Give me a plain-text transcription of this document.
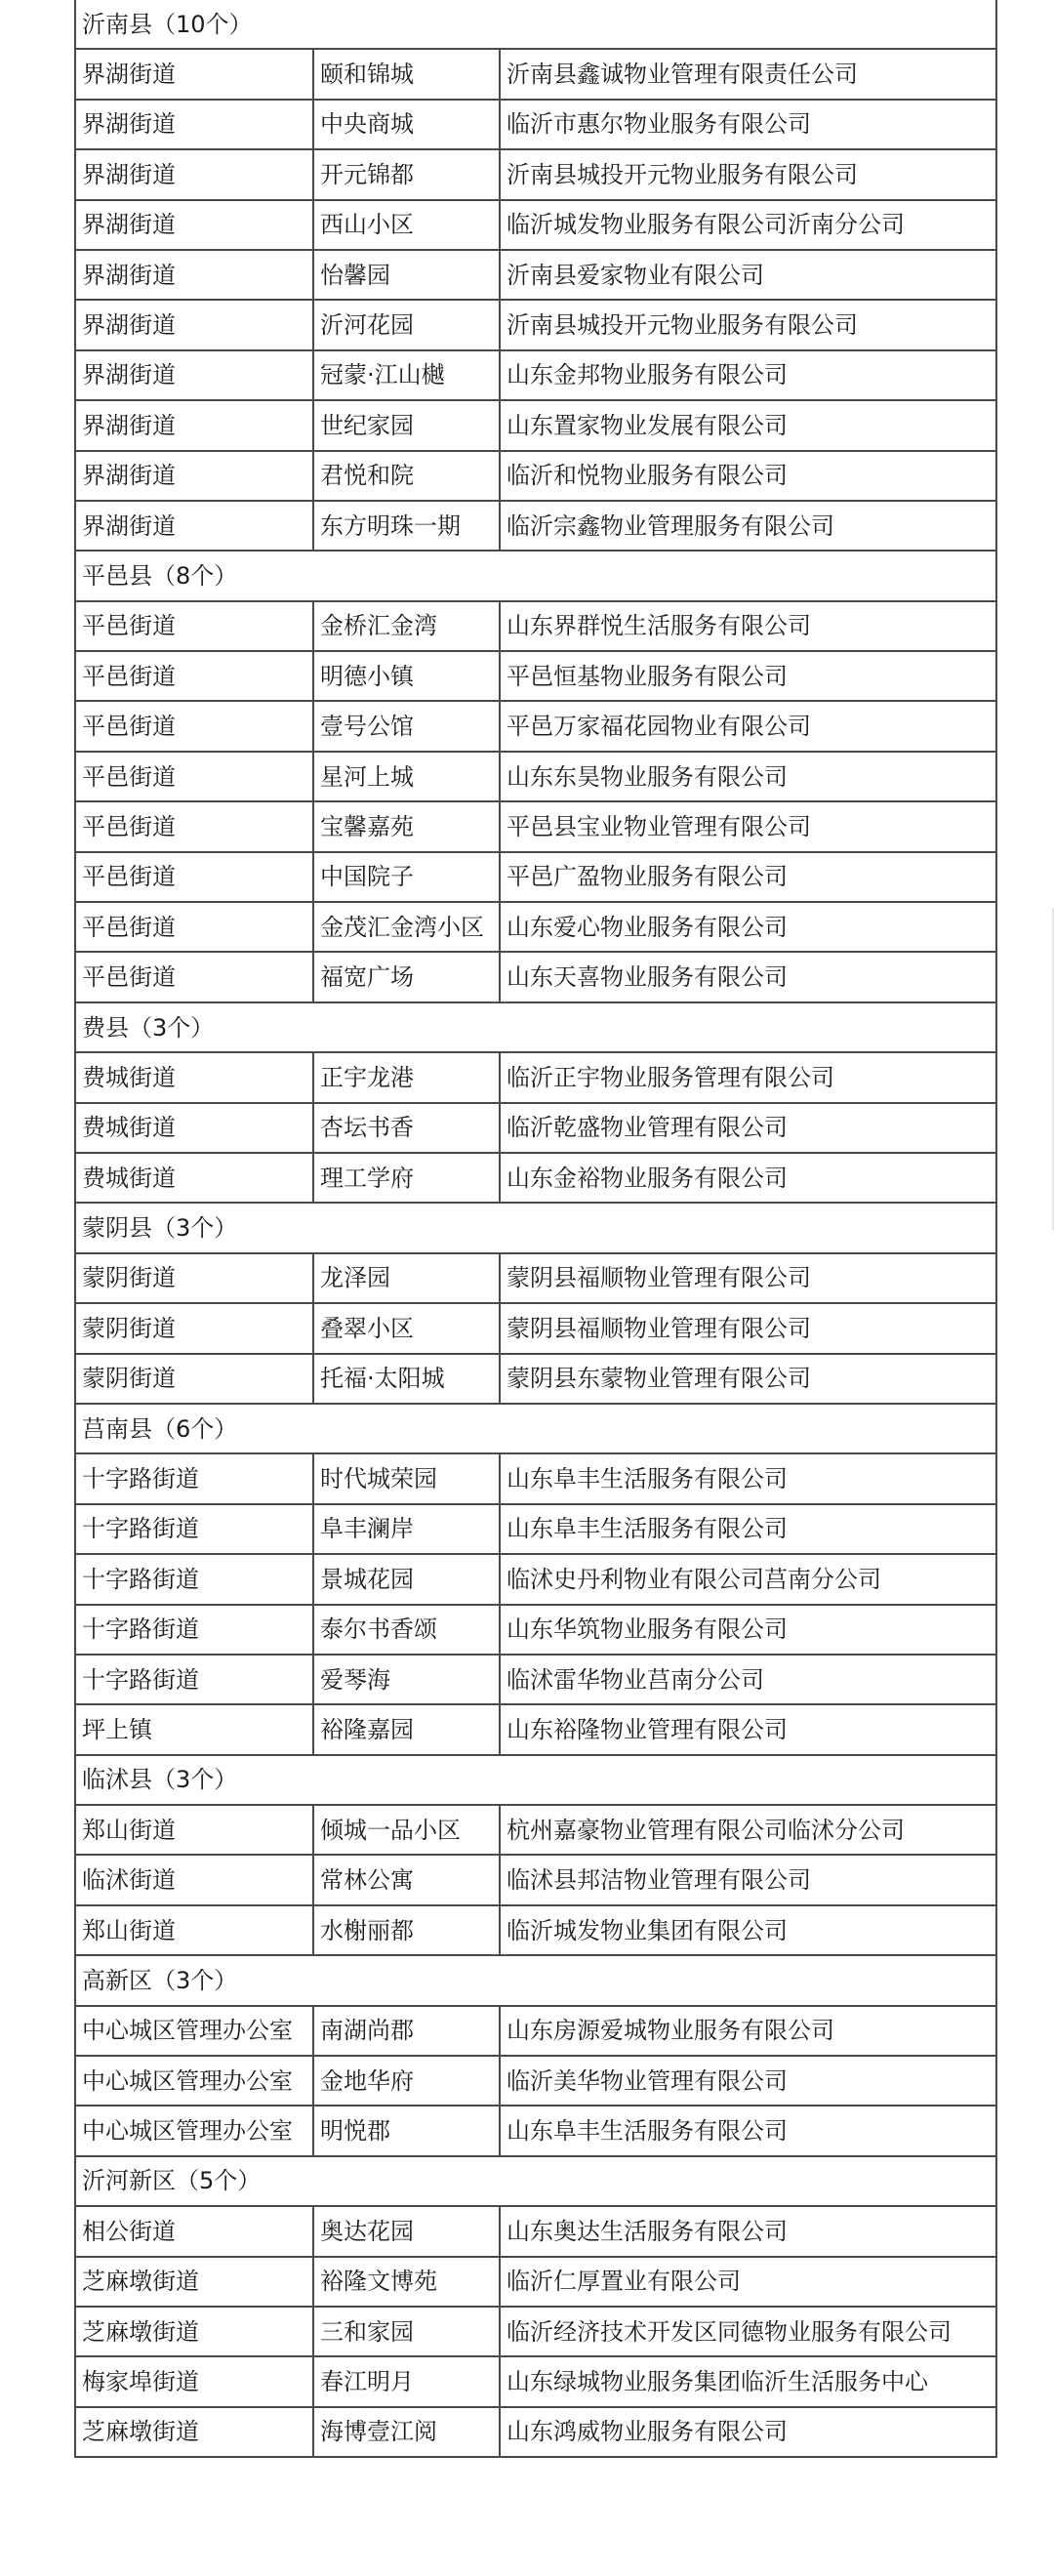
沂南县（10个）		
界湖街道	颐和锦城	沂南县鑫诚物业管理有限责任公司
界湖街道	中央商城	临沂市惠尔物业服务有限公司
界湖街道	开元锦都	沂南县城投开元物业服务有限公司
界湖街道	西山小区	临沂城发物业服务有限公司沂南分公司
界湖街道	怡馨园	沂南县爱家物业有限公司
界湖街道	沂河花园	沂南县城投开元物业服务有限公司
界湖街道	冠蒙·江山樾	山东金邦物业服务有限公司
界湖街道	世纪家园	山东置家物业发展有限公司
界湖街道	君悦和院	临沂和悦物业服务有限公司
界湖街道	东方明珠一期	临沂宗鑫物业管理服务有限公司
平邑县（8个）		
平邑街道	金桥汇金湾	山东界群悦生活服务有限公司
平邑街道	明德小镇	平邑恒基物业服务有限公司
平邑街道	壹号公馆	平邑万家福花园物业有限公司
平邑街道	星河上城	山东东昊物业服务有限公司
平邑街道	宝馨嘉苑	平邑县宝业物业管理有限公司
平邑街道	中国院子	平邑广盈物业服务有限公司
平邑街道	金茂汇金湾小区	山东爱心物业服务有限公司
平邑街道	福宽广场	山东天喜物业服务有限公司
费县（3个）		
费城街道	正宇龙港	临沂正宇物业服务管理有限公司
费城街道	杏坛书香	临沂乾盛物业管理有限公司
费城街道	理工学府	山东金裕物业服务有限公司
蒙阴县（3个）		
蒙阴街道	龙泽园	蒙阴县福顺物业管理有限公司
蒙阴街道	叠翠小区	蒙阴县福顺物业管理有限公司
蒙阴街道	托福·太阳城	蒙阴县东蒙物业管理有限公司
莒南县（6个）		
十字路街道	时代城荣园	山东阜丰生活服务有限公司
十字路街道	阜丰澜岸	山东阜丰生活服务有限公司
十字路街道	景城花园	临沭史丹利物业有限公司莒南分公司
十字路街道	泰尔书香颂	山东华筑物业服务有限公司
十字路街道	爱琴海	临沭雷华物业莒南分公司
坪上镇	裕隆嘉园	山东裕隆物业管理有限公司
临沭县（3个）		
郑山街道	倾城一品小区	杭州嘉豪物业管理有限公司临沭分公司
临沭街道	常林公寓	临沭县邦洁物业管理有限公司
郑山街道	水榭丽都	临沂城发物业集团有限公司
高新区（3个）		
中心城区管理办公室	南湖尚郡	山东房源爱城物业服务有限公司
中心城区管理办公室	金地华府	临沂美华物业管理有限公司
中心城区管理办公室	明悦郡	山东阜丰生活服务有限公司
沂河新区（5个）		
相公街道	奥达花园	山东奥达生活服务有限公司
芝麻墩街道	裕隆文博苑	临沂仁厚置业有限公司
芝麻墩街道	三和家园	临沂经济技术开发区同德物业服务有限公司
梅家埠街道	春江明月	山东绿城物业服务集团临沂生活服务中心
芝麻墩街道	海博壹江阅	山东鸿威物业服务有限公司
